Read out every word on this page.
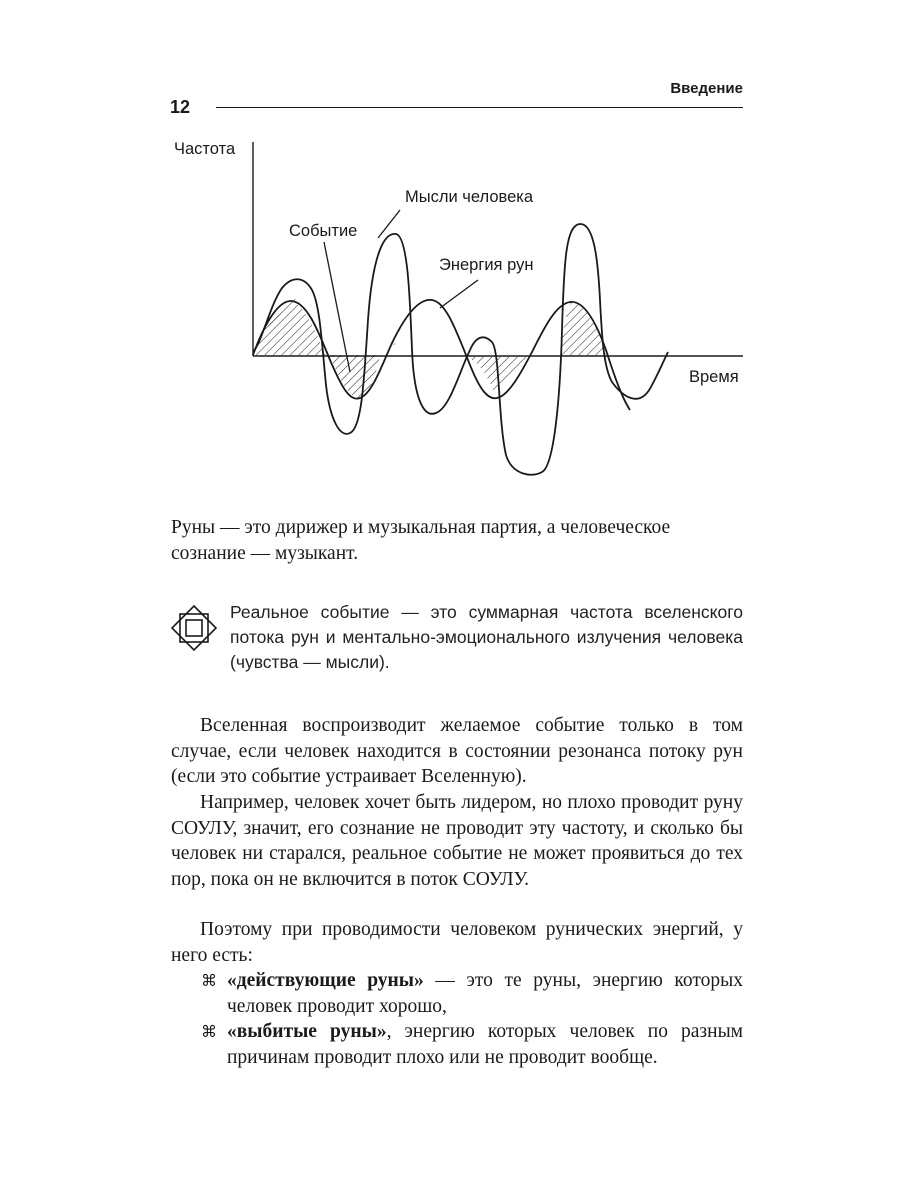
Введение
12
Частота
Время
Событие
Мысли человека
Энергия рун

Руны — это дирижер и музыкальная партия, а человеческое сознание — музыкант.

Реальное событие — это суммарная частота вселенского потока рун и ментально-эмоционального излучения человека (чувства — мысли).

Вселенная воспроизводит желаемое событие только в том случае, если человек находится в состоянии резонанса потоку рун (если это событие устраивает Вселенную).

Например, человек хочет быть лидером, но плохо проводит руну СОУЛУ, значит, его сознание не проводит эту частоту, и сколько бы человек ни старался, реальное событие не может проявиться до тех пор, пока он не включится в поток СОУЛУ.

Поэтому при проводимости человеком рунических энергий, у него есть:

⌘ «действующие руны» — это те руны, энергию которых человек проводит хорошо,
⌘ «выбитые руны», энергию которых человек по разным причинам проводит плохо или не проводит вообще.
